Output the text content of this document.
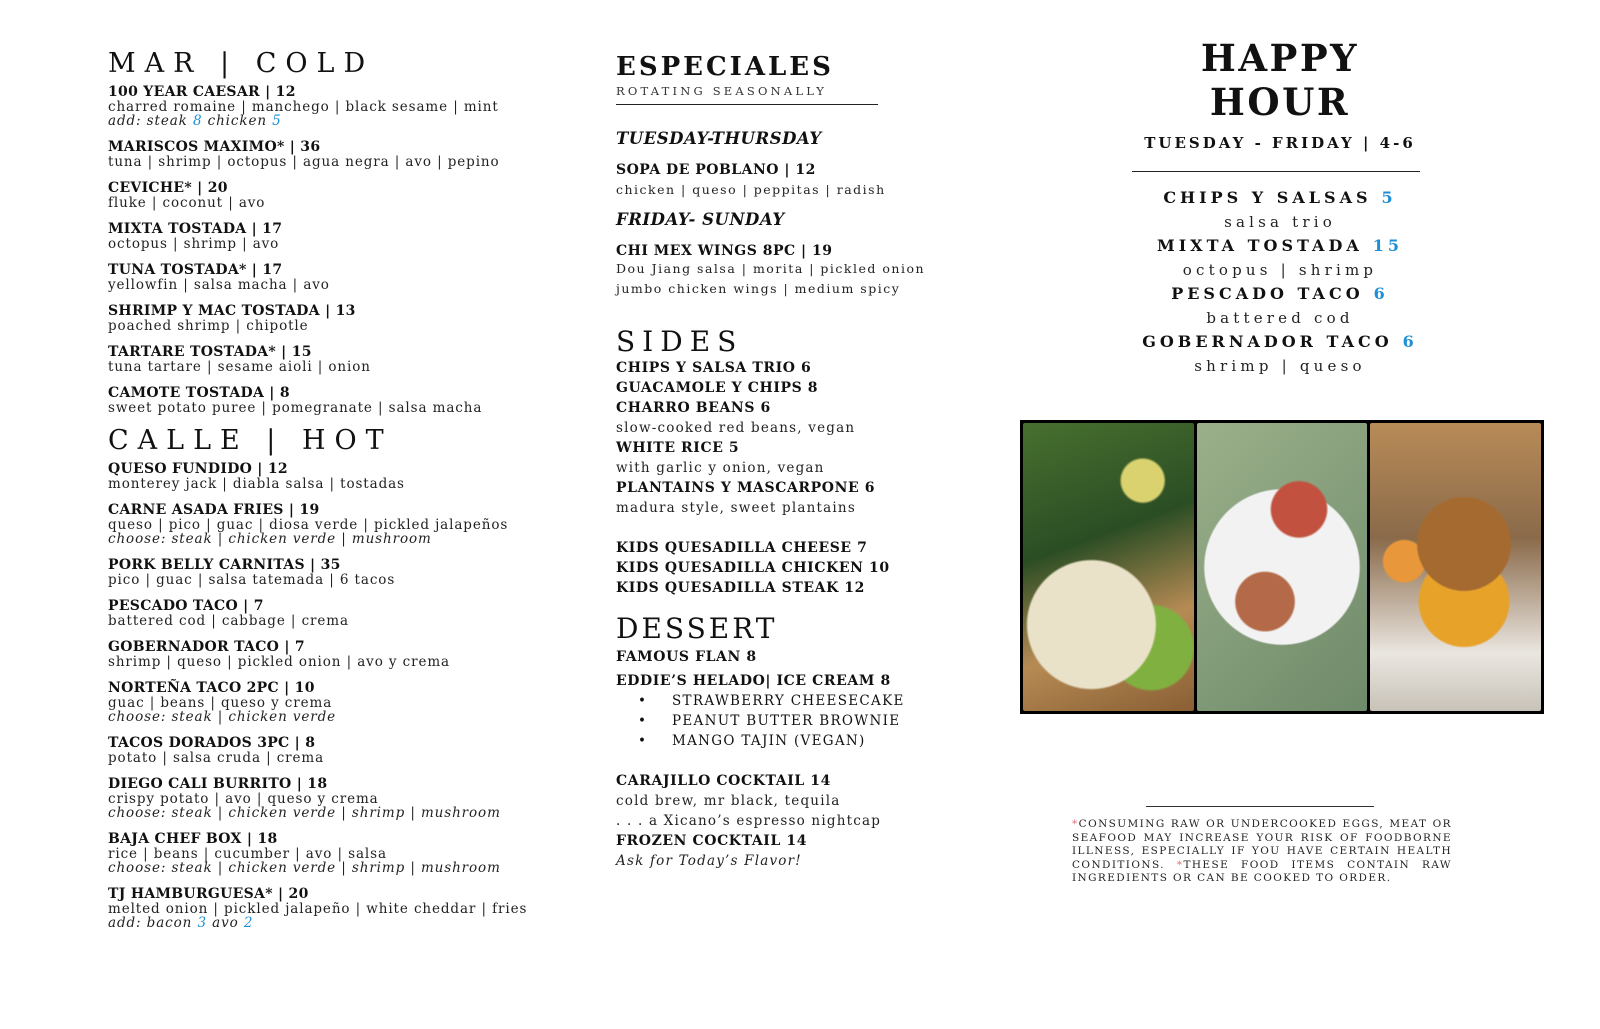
MAR | COLD
100 YEAR CAESAR | 12
charred romaine | manchego | black sesame | mint
add: steak 8 chicken 5
MARISCOS MAXIMO* | 36
tuna | shrimp | octopus | agua negra | avo | pepino
CEVICHE* | 20
fluke | coconut | avo
MIXTA TOSTADA | 17
octopus | shrimp | avo
TUNA TOSTADA* | 17
yellowfin | salsa macha | avo
SHRIMP Y MAC TOSTADA | 13
poached shrimp | chipotle
TARTARE TOSTADA* | 15
tuna tartare | sesame aioli | onion
CAMOTE TOSTADA | 8
sweet potato puree | pomegranate | salsa macha
CALLE | HOT
QUESO FUNDIDO | 12
monterey jack | diabla salsa | tostadas
CARNE ASADA FRIES | 19
queso | pico | guac | diosa verde | pickled jalapeños
choose: steak | chicken verde | mushroom
PORK BELLY CARNITAS | 35
pico | guac | salsa tatemada | 6 tacos
PESCADO TACO | 7
battered cod | cabbage | crema
GOBERNADOR TACO | 7
shrimp | queso | pickled onion | avo y crema
NORTEÑA TACO 2PC | 10
guac | beans | queso y crema
choose: steak | chicken verde
TACOS DORADOS 3PC | 8
potato | salsa cruda | crema
DIEGO CALI BURRITO | 18
crispy potato | avo | queso y crema
choose: steak | chicken verde | shrimp | mushroom
BAJA CHEF BOX | 18
rice | beans | cucumber | avo | salsa
choose: steak | chicken verde | shrimp | mushroom
TJ HAMBURGUESA* | 20
melted onion | pickled jalapeño | white cheddar | fries
add: bacon 3 avo 2
ESPECIALES
ROTATING SEASONALLY
TUESDAY-THURSDAY
SOPA DE POBLANO | 12
chicken | queso | peppitas | radish
FRIDAY- SUNDAY
CHI MEX WINGS 8PC | 19
Dou Jiang salsa | morita | pickled onion
jumbo chicken wings | medium spicy
SIDES
CHIPS Y SALSA TRIO 6
GUACAMOLE Y CHIPS 8
CHARRO BEANS 6
slow-cooked red beans, vegan
WHITE RICE 5
with garlic y onion, vegan
PLANTAINS Y MASCARPONE 6
madura style, sweet plantains
KIDS QUESADILLA CHEESE 7
KIDS QUESADILLA CHICKEN 10
KIDS QUESADILLA STEAK 12
DESSERT
FAMOUS FLAN 8
EDDIE’S HELADO| ICE CREAM 8
• STRAWBERRY CHEESECAKE
• PEANUT BUTTER BROWNIE
• MANGO TAJIN (VEGAN)
CARAJILLO COCKTAIL 14
cold brew, mr black, tequila
. . . a Xicano’s espresso nightcap
FROZEN COCKTAIL 14
Ask for Today’s Flavor!
HAPPY HOUR
TUESDAY - FRIDAY | 4-6
CHIPS Y SALSAS 5
salsa trio
MIXTA TOSTADA 15
octopus | shrimp
PESCADO TACO 6
battered cod
GOBERNADOR TACO 6
shrimp | queso
*CONSUMING RAW OR UNDERCOOKED EGGS, MEAT OR SEAFOOD MAY INCREASE YOUR RISK OF FOODBORNE ILLNESS, ESPECIALLY IF YOU HAVE CERTAIN HEALTH CONDITIONS. *THESE FOOD ITEMS CONTAIN RAW INGREDIENTS OR CAN BE COOKED TO ORDER.
